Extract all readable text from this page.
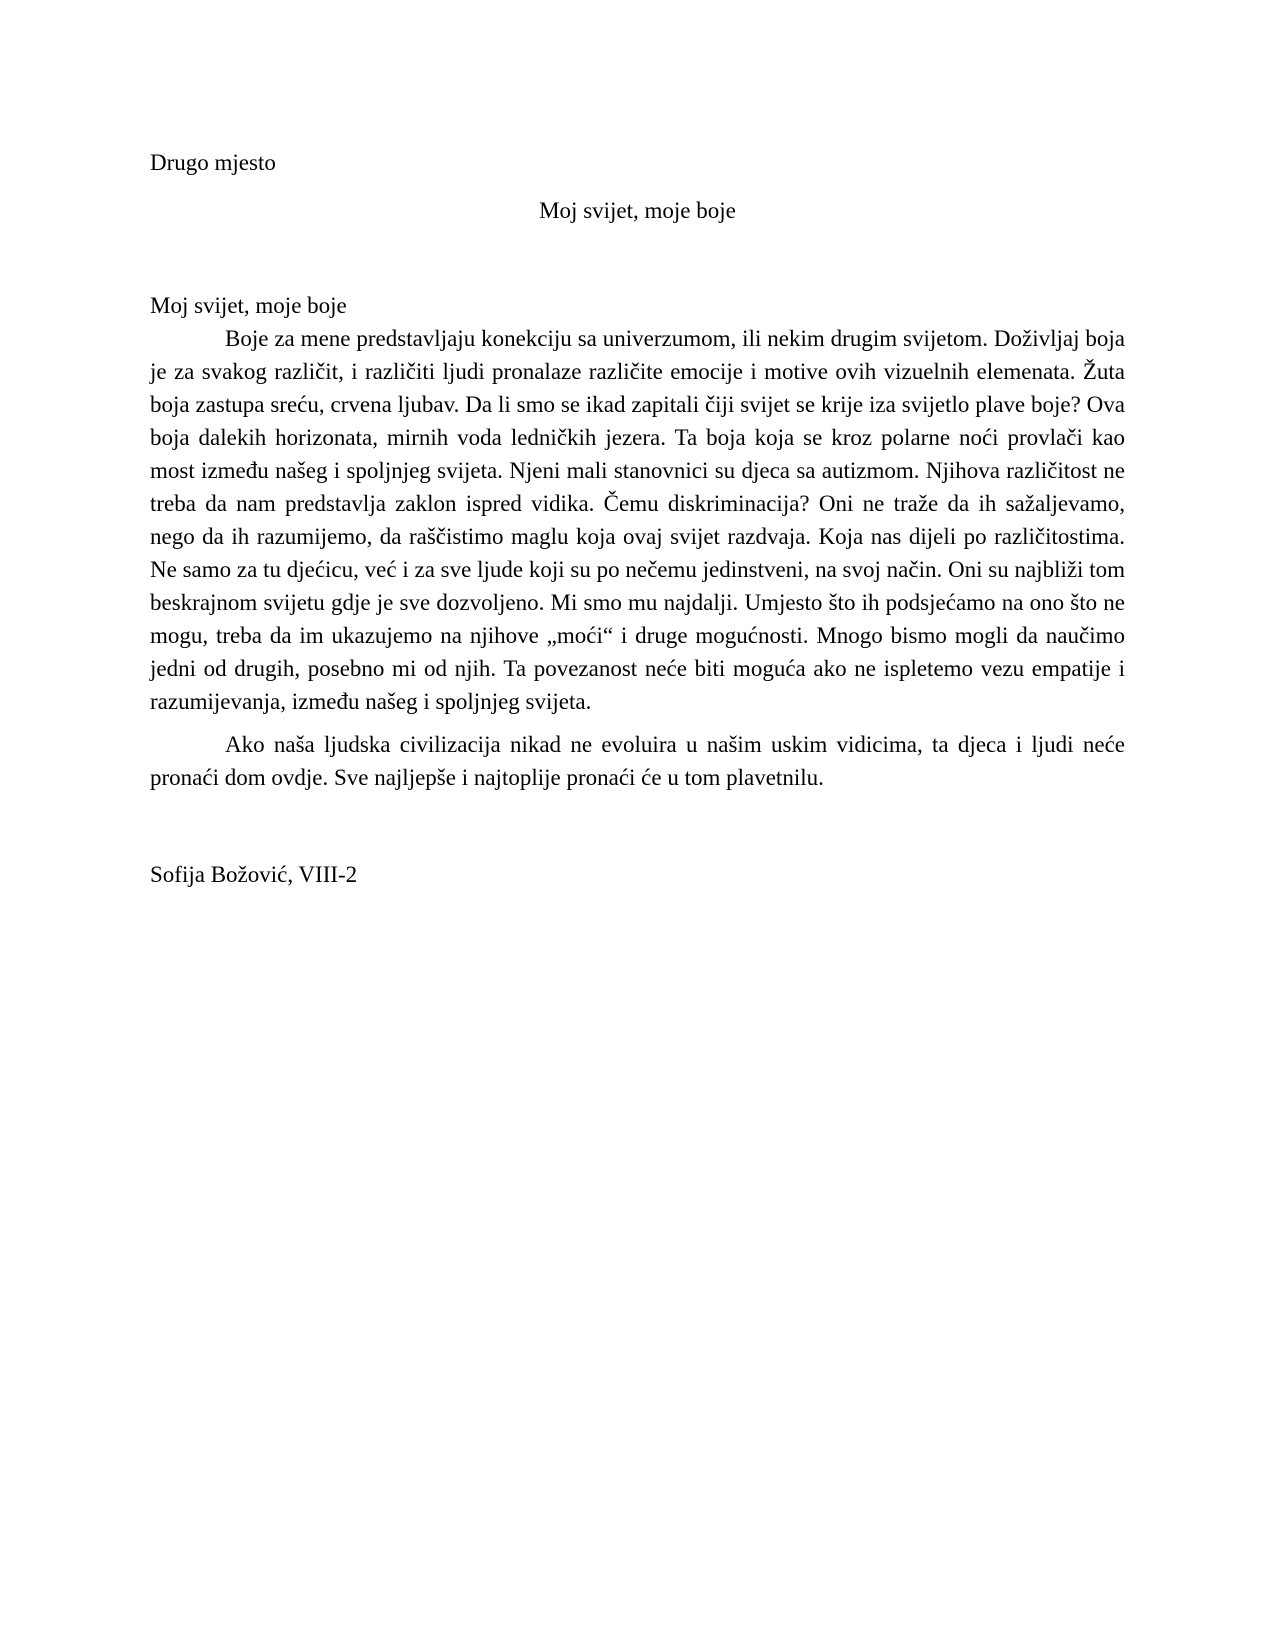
Drugo mjesto

Moj svijet, moje boje

Moj svijet, moje boje

Boje za mene predstavljaju konekciju sa univerzumom, ili nekim drugim svijetom. Doživljaj boja je za svakog različit, i različiti ljudi pronalaze različite emocije i motive ovih vizuelnih elemenata. Žuta boja zastupa sreću, crvena ljubav. Da li smo se ikad zapitali čiji svijet se krije iza svijetlo plave boje? Ova boja dalekih horizonata, mirnih voda ledničkih jezera. Ta boja koja se kroz polarne noći provlači kao most između našeg i spoljnjeg svijeta. Njeni mali stanovnici su djeca sa autizmom. Njihova različitost ne treba da nam predstavlja zaklon ispred vidika. Čemu diskriminacija? Oni ne traže da ih sažaljevamo, nego da ih razumijemo, da raščistimo maglu koja ovaj svijet razdvaja. Koja nas dijeli po različitostima. Ne samo za tu djećicu, već i za sve ljude koji su po nečemu jedinstveni, na svoj način. Oni su najbliži tom beskrajnom svijetu gdje je sve dozvoljeno. Mi smo mu najdalji. Umjesto što ih podsjećamo na ono što ne mogu, treba da im ukazujemo na njihove „moći“ i druge mogućnosti. Mnogo bismo mogli da naučimo jedni od drugih, posebno mi od njih. Ta povezanost neće biti moguća ako ne ispletemo vezu empatije i razumijevanja, između našeg i spoljnjeg svijeta.

Ako naša ljudska civilizacija nikad ne evoluira u našim uskim vidicima, ta djeca i ljudi neće pronaći dom ovdje. Sve najljepše i najtoplije pronaći će u tom plavetnilu.

Sofija Božović, VIII-2
